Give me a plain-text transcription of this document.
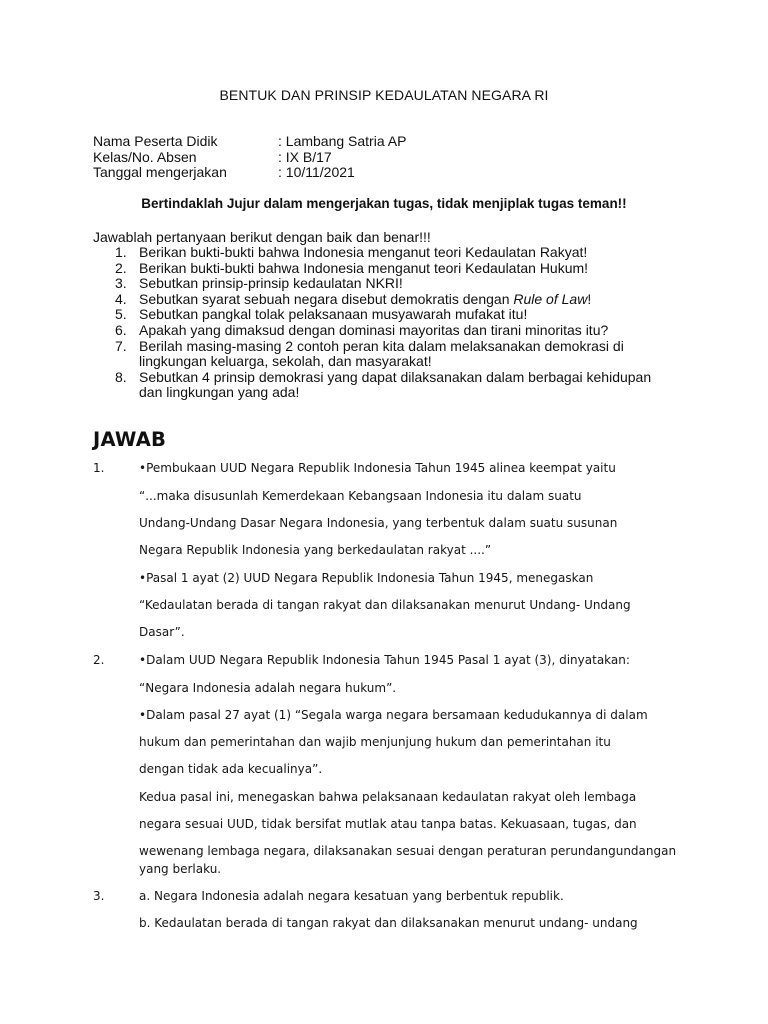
BENTUK DAN PRINSIP KEDAULATAN NEGARA RI
Nama Peserta Didik	: Lambang Satria AP
Kelas/No. Absen	: IX B/17
Tanggal mengerjakan	: 10/11/2021
Bertindaklah Jujur dalam mengerjakan tugas, tidak menjiplak tugas teman!!
Jawablah pertanyaan berikut dengan baik dan benar!!!
1. Berikan bukti-bukti bahwa Indonesia menganut teori Kedaulatan Rakyat!
2. Berikan bukti-bukti bahwa Indonesia menganut teori Kedaulatan Hukum!
3. Sebutkan prinsip-prinsip kedaulatan NKRI!
4. Sebutkan syarat sebuah negara disebut demokratis dengan Rule of Law!
5. Sebutkan pangkal tolak pelaksanaan musyawarah mufakat itu!
6. Apakah yang dimaksud dengan dominasi mayoritas dan tirani minoritas itu?
7. Berilah masing-masing 2 contoh peran kita dalam melaksanakan demokrasi di lingkungan keluarga, sekolah, dan masyarakat!
8. Sebutkan 4 prinsip demokrasi yang dapat dilaksanakan dalam berbagai kehidupan dan lingkungan yang ada!
JAWAB
1.	•Pembukaan UUD Negara Republik Indonesia Tahun 1945 alinea keempat yaitu
“...maka disusunlah Kemerdekaan Kebangsaan Indonesia itu dalam suatu
Undang-Undang Dasar Negara Indonesia, yang terbentuk dalam suatu susunan
Negara Republik Indonesia yang berkedaulatan rakyat ....”
•Pasal 1 ayat (2) UUD Negara Republik Indonesia Tahun 1945, menegaskan
“Kedaulatan berada di tangan rakyat dan dilaksanakan menurut Undang- Undang
Dasar”.
2.	•Dalam UUD Negara Republik Indonesia Tahun 1945 Pasal 1 ayat (3), dinyatakan:
“Negara Indonesia adalah negara hukum”.
•Dalam pasal 27 ayat (1) “Segala warga negara bersamaan kedudukannya di dalam
hukum dan pemerintahan dan wajib menjunjung hukum dan pemerintahan itu
dengan tidak ada kecualinya”.
Kedua pasal ini, menegaskan bahwa pelaksanaan kedaulatan rakyat oleh lembaga
negara sesuai UUD, tidak bersifat mutlak atau tanpa batas. Kekuasaan, tugas, dan
wewenang lembaga negara, dilaksanakan sesuai dengan peraturan perundangundangan
yang berlaku.
3.	a. Negara Indonesia adalah negara kesatuan yang berbentuk republik.
b. Kedaulatan berada di tangan rakyat dan dilaksanakan menurut undang- undang
